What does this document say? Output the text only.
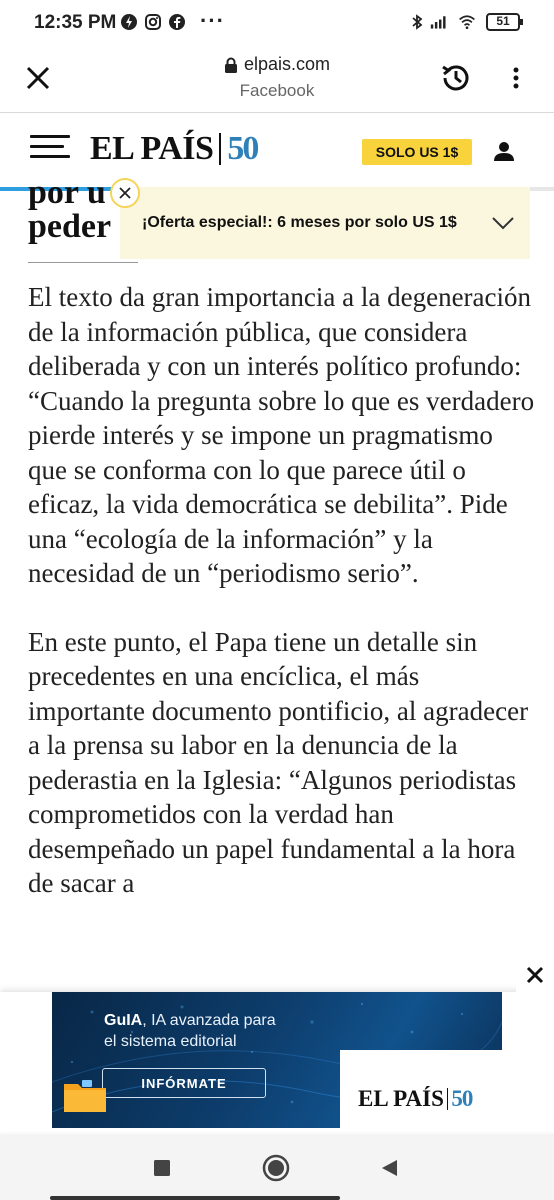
12:35 PM	···	51
elpais.com
Facebook
EL PAÍS 50	SOLO US 1$
por u
peder	¡Oferta especial!: 6 meses por solo US 1$

El texto da gran importancia a la degeneración de la información pública, que considera deliberada y con un interés político profundo: “Cuando la pregunta sobre lo que es verdadero pierde interés y se impone un pragmatismo que se conforma con lo que parece útil o eficaz, la vida democrática se debilita”. Pide una “ecología de la información” y la necesidad de un “periodismo serio”.

En este punto, el Papa tiene un detalle sin precedentes en una encíclica, el más importante documento pontificio, al agradecer a la prensa su labor en la denuncia de la pederastia en la Iglesia: “Algunos periodistas comprometidos con la verdad han desempeñado un papel fundamental a la hora de sacar a

GuIA, IA avanzada para
el sistema editorial
INFÓRMATE
EL PAÍS 50
